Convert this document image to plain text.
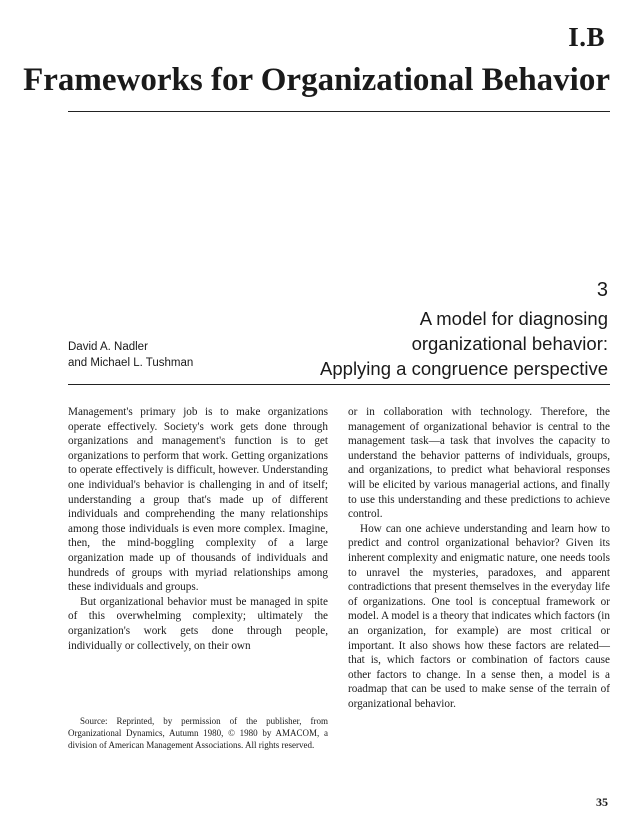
I.B
Frameworks for Organizational Behavior
3
A model for diagnosing
organizational behavior:
Applying a congruence perspective
David A. Nadler
and Michael L. Tushman

Management's primary job is to make organizations operate effectively. Society's work gets done through organizations and management's function is to get organizations to perform that work. Getting organizations to operate effectively is difficult, however. Understanding one individual's behavior is challenging in and of itself; understanding a group that's made up of different individuals and comprehending the many relationships among those individuals is even more complex. Imagine, then, the mind-boggling complexity of a large organization made up of thousands of individuals and hundreds of groups with myriad relationships among these individuals and groups.

But organizational behavior must be managed in spite of this overwhelming complexity; ultimately the organization's work gets done through people, individually or collectively, on their own

or in collaboration with technology. Therefore, the management of organizational behavior is central to the management task—a task that involves the capacity to understand the behavior patterns of individuals, groups, and organizations, to predict what behavioral responses will be elicited by various managerial actions, and finally to use this understanding and these predictions to achieve control.

How can one achieve understanding and learn how to predict and control organizational behavior? Given its inherent complexity and enigmatic nature, one needs tools to unravel the mysteries, paradoxes, and apparent contradictions that present themselves in the everyday life of organizations. One tool is conceptual framework or model. A model is a theory that indicates which factors (in an organization, for example) are most critical or important. It also shows how these factors are related—that is, which factors or combination of factors cause other factors to change. In a sense then, a model is a roadmap that can be used to make sense of the terrain of organizational behavior.

Source: Reprinted, by permission of the publisher, from Organizational Dynamics, Autumn 1980, © 1980 by AMACOM, a division of American Management Associations. All rights reserved.
35
